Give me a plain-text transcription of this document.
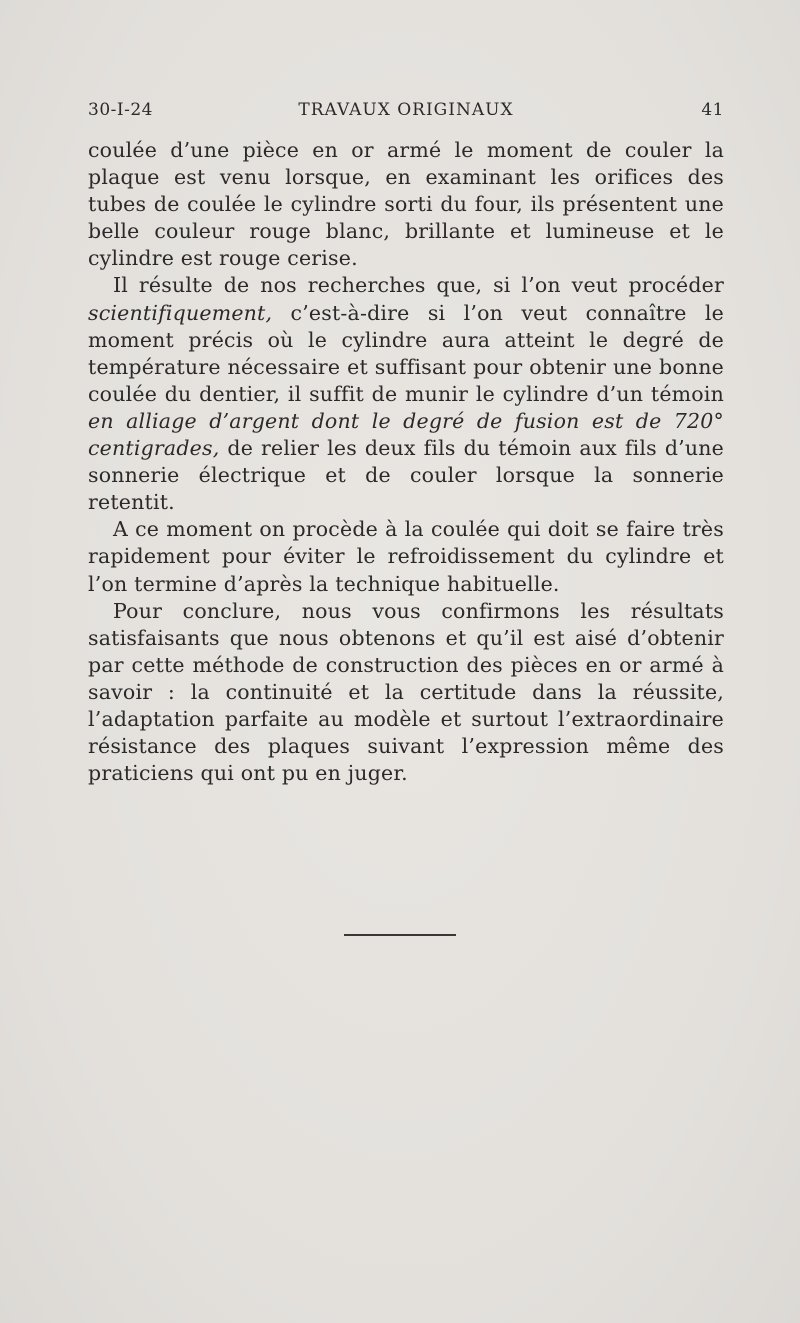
30-I-24	TRAVAUX ORIGINAUX	41

coulée d’une pièce en or armé le moment de couler la plaque est venu lorsque, en examinant les orifices des tubes de coulée le cylindre sorti du four, ils présentent une belle couleur rouge blanc, brillante et lumineuse et le cylindre est rouge cerise.

Il résulte de nos recherches que, si l’on veut procéder scientifiquement, c’est-à-dire si l’on veut connaître le moment précis où le cylindre aura atteint le degré de température nécessaire et suffisant pour obtenir une bonne coulée du dentier, il suffit de munir le cylindre d’un témoin en alliage d’argent dont le degré de fusion est de 720° centigrades, de relier les deux fils du témoin aux fils d’une sonnerie électrique et de couler lorsque la sonnerie retentit.

A ce moment on procède à la coulée qui doit se faire très rapidement pour éviter le refroidissement du cylindre et l’on termine d’après la technique habituelle.

Pour conclure, nous vous confirmons les résultats satisfaisants que nous obtenons et qu’il est aisé d’obtenir par cette méthode de construction des pièces en or armé à savoir : la continuité et la certitude dans la réussite, l’adaptation parfaite au modèle et surtout l’extraordinaire résistance des plaques suivant l’expression même des praticiens qui ont pu en juger.
